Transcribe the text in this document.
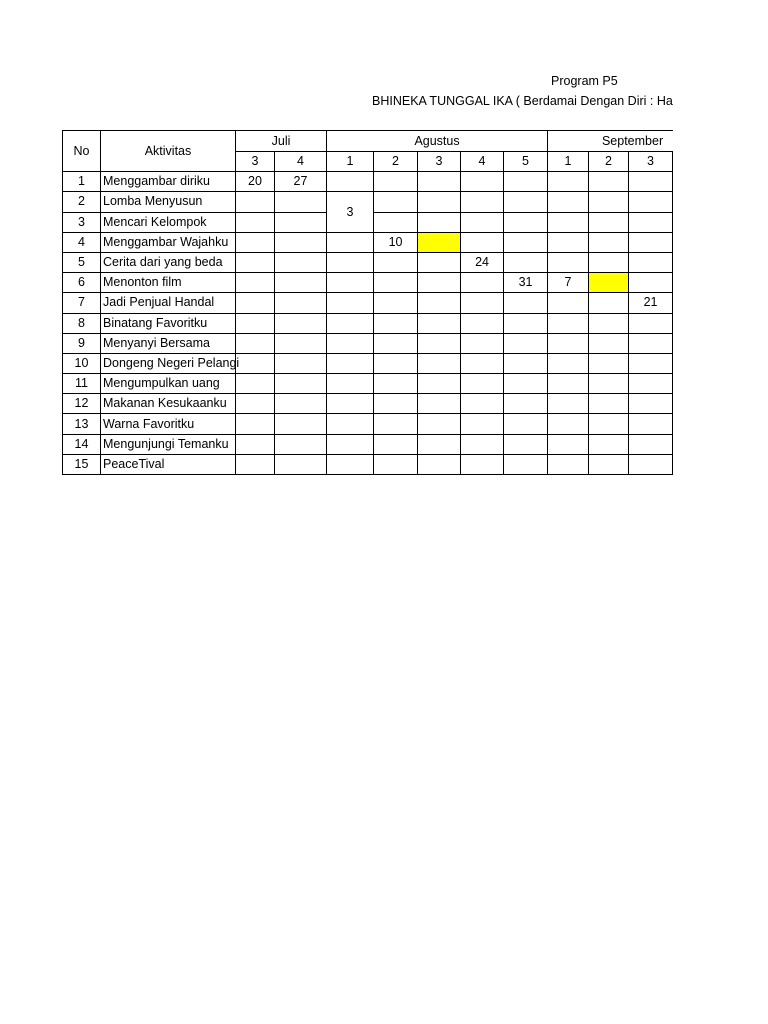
Program P5
BHINEKA TUNGGAL IKA ( Berdamai Dengan Diri : Ha
No	Aktivitas	Juli		Agustus					September			
		3	4	1	2	3	4	5	1	2	3	
1	Menggambar diriku	20	27									
2	Lomba Menyusun			3								
3	Mencari Kelompok											
4	Menggambar Wajahku				10							
5	Cerita dari yang beda						24					
6	Menonton film							31	7			
7	Jadi Penjual Handal										21	
8	Binatang Favoritku											
9	Menyanyi Bersama											
10	Dongeng Negeri Pelangi											
11	Mengumpulkan uang											
12	Makanan Kesukaanku											
13	Warna Favoritku											
14	Mengunjungi Temanku											
15	PeaceTival											
